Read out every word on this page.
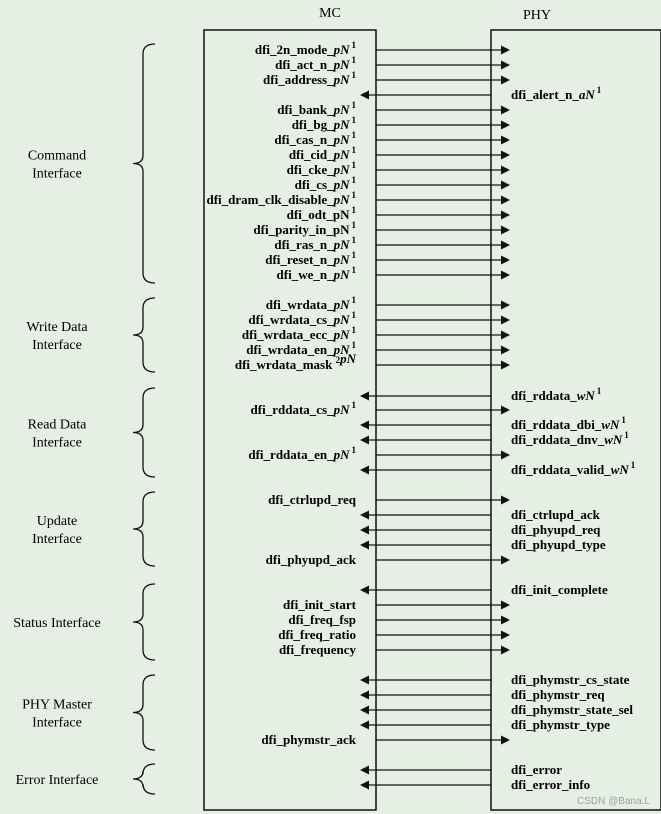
MC	PHY
Command
Interface
Write Data
Interface
Read Data
Interface
Update
Interface
Status Interface
PHY Master
Interface
Error Interface
dfi_2n_mode_pN $^1$
dfi_act_n_pN $^1$
dfi_address_pN $^1$
dfi_alert_n_aN $^1$
dfi_bank_pN $^1$
dfi_bg_pN $^1$
dfi_cas_n_pN $^1$
dfi_cid_pN $^1$
dfi_cke_pN $^1$
dfi_cs_pN $^1$
dfi_dram_clk_disable_pN $^1$
dfi_odt_pN $^1$
dfi_parity_in_pN $^1$
dfi_ras_n_pN $^1$
dfi_reset_n_pN $^1$
dfi_we_n_pN $^1$
dfi_wrdata_pN $^1$
dfi_wrdata_cs_pN $^1$
dfi_wrdata_ecc_pN $^1$
dfi_wrdata_en_pN $^1$
dfi_wrdata_mask $^2$pN
dfi_rddata_wN $^1$
dfi_rddata_cs_pN $^1$
dfi_rddata_dbi_wN $^1$
dfi_rddata_dnv_wN $^1$
dfi_rddata_en_pN $^1$
dfi_rddata_valid_wN $^1$
dfi_ctrlupd_req
dfi_ctrlupd_ack
dfi_phyupd_req
dfi_phyupd_type
dfi_phyupd_ack
dfi_init_complete
dfi_init_start
dfi_freq_fsp
dfi_freq_ratio
dfi_frequency
dfi_phymstr_cs_state
dfi_phymstr_req
dfi_phymstr_state_sel
dfi_phymstr_type
dfi_phymstr_ack
dfi_error
dfi_error_info
CSDN @Bana.L
